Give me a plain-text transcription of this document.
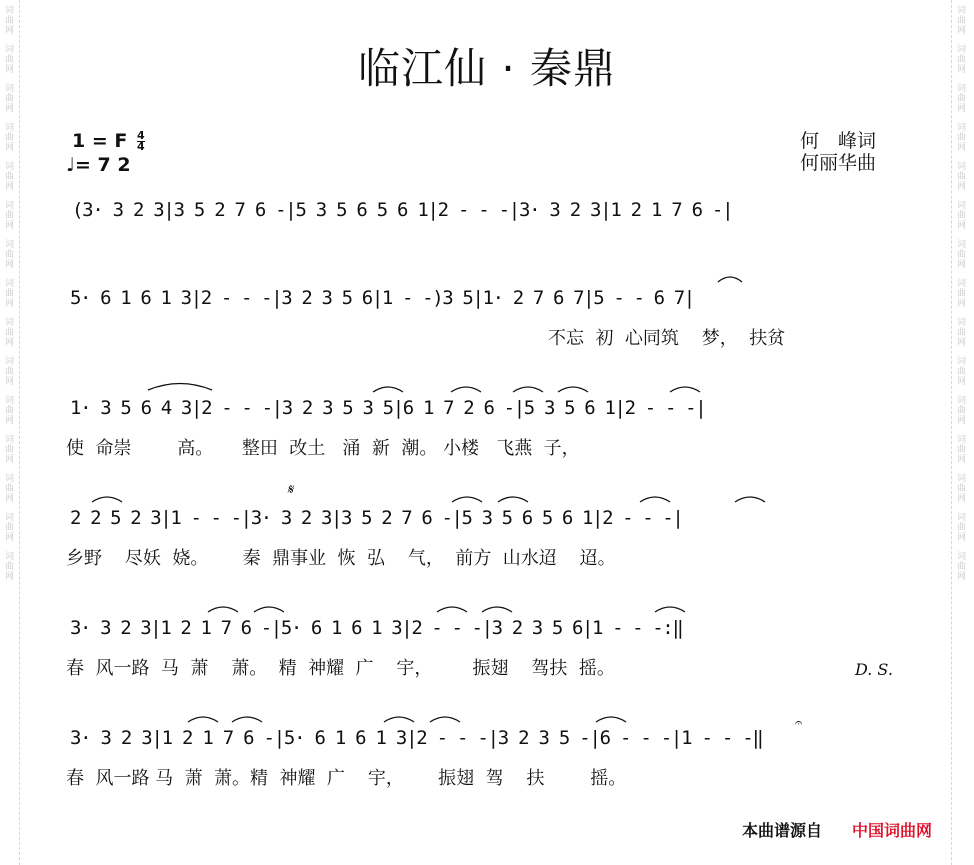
词
曲
网
词
曲
网
词
曲
网
词
曲
网
词
曲
网
词
曲
网
词
曲
网
词
曲
网
词
曲
网
词
曲
网
词
曲
网
词
曲
网
词
曲
网
词
曲
网
词
曲
网
词
曲
网
词
曲
网
词
曲
网
词
曲
网
词
曲
网
词
曲
网
词
曲
网
词
曲
网
词
曲
网
词
曲
网
词
曲
网
词
曲
网
词
曲
网
词
曲
网
词
曲
网
临江仙 · 秦鼎
1 = F $\frac{4}{4}$
♩= 7 2
何　峰词
何丽华曲
(3· 3 2 3|3 5 2 7 6 -|5 3 5 6 5 6 1|2 - - -|3· 3 2 3|1 2 1 7 6 -|
5· 6 1 6 1 3|2 - - -|3 2 3 5 6|1 - -)3 5|1· 2 7 6 7|5 - - 6 7|
不忘  初  心同筑    梦，  扶贫
1· 3 5 6 4 3|2 - - -|3 2 3 5 3 5|6 1 7 2 6 -|5 3 5 6 1|2 - - -|
使  命崇        高。     整田  改土   涌  新  潮。 小楼   飞燕  子，
2 2 5 2 3|1 - - -|3· 3 2 3|3 5 2 7 6 -|5 3 5 6 5 6 1|2 - - -|
乡野    尽妖  娆。      秦  鼎事业  恢  弘    气，  前方  山水迢    迢。
3· 3 2 3|1 2 1 7 6 -|5· 6 1 6 1 3|2 - - -|3 2 3 5 6|1 - - -:‖
春  风一路  马  萧    萧。  精  神耀  广    宇，       振翅    驾扶  摇。
3· 3 2 3|1 2 1 7 6 -|5· 6 1 6 1 3|2 - - -|3 2 3 5 -|6 - - -|1 - - -‖
春  风一路 马  萧  萧。精  神耀  广    宇，      振翅  驾    扶        摇。
𝄋
D. S.
𝄐
本曲谱源自 中国词曲网
